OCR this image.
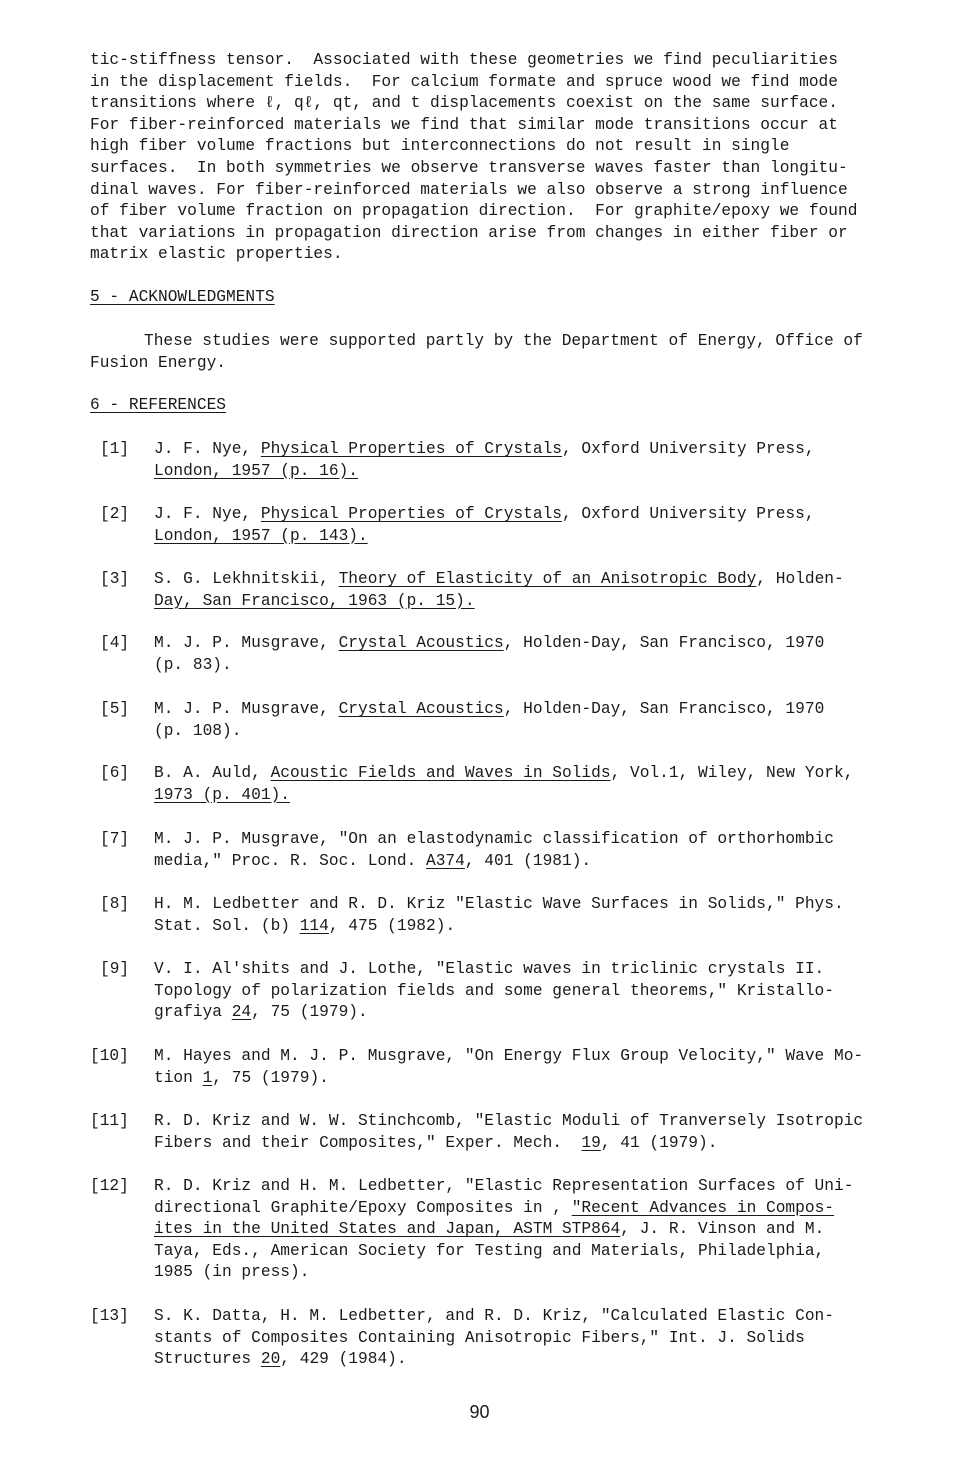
tic-stiffness tensor.  Associated with these geometries we find peculiarities
in the displacement fields.  For calcium formate and spruce wood we find mode
transitions where ℓ, qℓ, qt, and t displacements coexist on the same surface.
For fiber-reinforced materials we find that similar mode transitions occur at
high fiber volume fractions but interconnections do not result in single
surfaces.  In both symmetries we observe transverse waves faster than longitu-
dinal waves. For fiber-reinforced materials we also observe a strong influence
of fiber volume fraction on propagation direction.  For graphite/epoxy we found
that variations in propagation direction arise from changes in either fiber or
matrix elastic properties.

5 - ACKNOWLEDGMENTS

These studies were supported partly by the Department of Energy, Office of
Fusion Energy.

6 - REFERENCES

[1]	J. F. Nye, Physical Properties of Crystals, Oxford University Press,
London, 1957 (p. 16).
[2]	J. F. Nye, Physical Properties of Crystals, Oxford University Press,
London, 1957 (p. 143).
[3]	S. G. Lekhnitskii, Theory of Elasticity of an Anisotropic Body, Holden-
Day, San Francisco, 1963 (p. 15).
[4]	M. J. P. Musgrave, Crystal Acoustics, Holden-Day, San Francisco, 1970
(p. 83).
[5]	M. J. P. Musgrave, Crystal Acoustics, Holden-Day, San Francisco, 1970
(p. 108).
[6]	B. A. Auld, Acoustic Fields and Waves in Solids, Vol.1, Wiley, New York,
1973 (p. 401).
[7]	M. J. P. Musgrave, "On an elastodynamic classification of orthorhombic
media," Proc. R. Soc. Lond. A374, 401 (1981).
[8]	H. M. Ledbetter and R. D. Kriz "Elastic Wave Surfaces in Solids," Phys.
Stat. Sol. (b) 114, 475 (1982).
[9]	V. I. Al'shits and J. Lothe, "Elastic waves in triclinic crystals II.
Topology of polarization fields and some general theorems," Kristallo-
grafiya 24, 75 (1979).
[10]	M. Hayes and M. J. P. Musgrave, "On Energy Flux Group Velocity," Wave Mo-
tion 1, 75 (1979).
[11]	R. D. Kriz and W. W. Stinchcomb, "Elastic Moduli of Tranversely Isotropic
Fibers and their Composites," Exper. Mech.  19, 41 (1979).
[12]	R. D. Kriz and H. M. Ledbetter, "Elastic Representation Surfaces of Uni-
directional Graphite/Epoxy Composites in , "Recent Advances in Compos-
ites in the United States and Japan, ASTM STP864, J. R. Vinson and M.
Taya, Eds., American Society for Testing and Materials, Philadelphia,
1985 (in press).
[13]	S. K. Datta, H. M. Ledbetter, and R. D. Kriz, "Calculated Elastic Con-
stants of Composites Containing Anisotropic Fibers," Int. J. Solids
Structures 20, 429 (1984).
90
